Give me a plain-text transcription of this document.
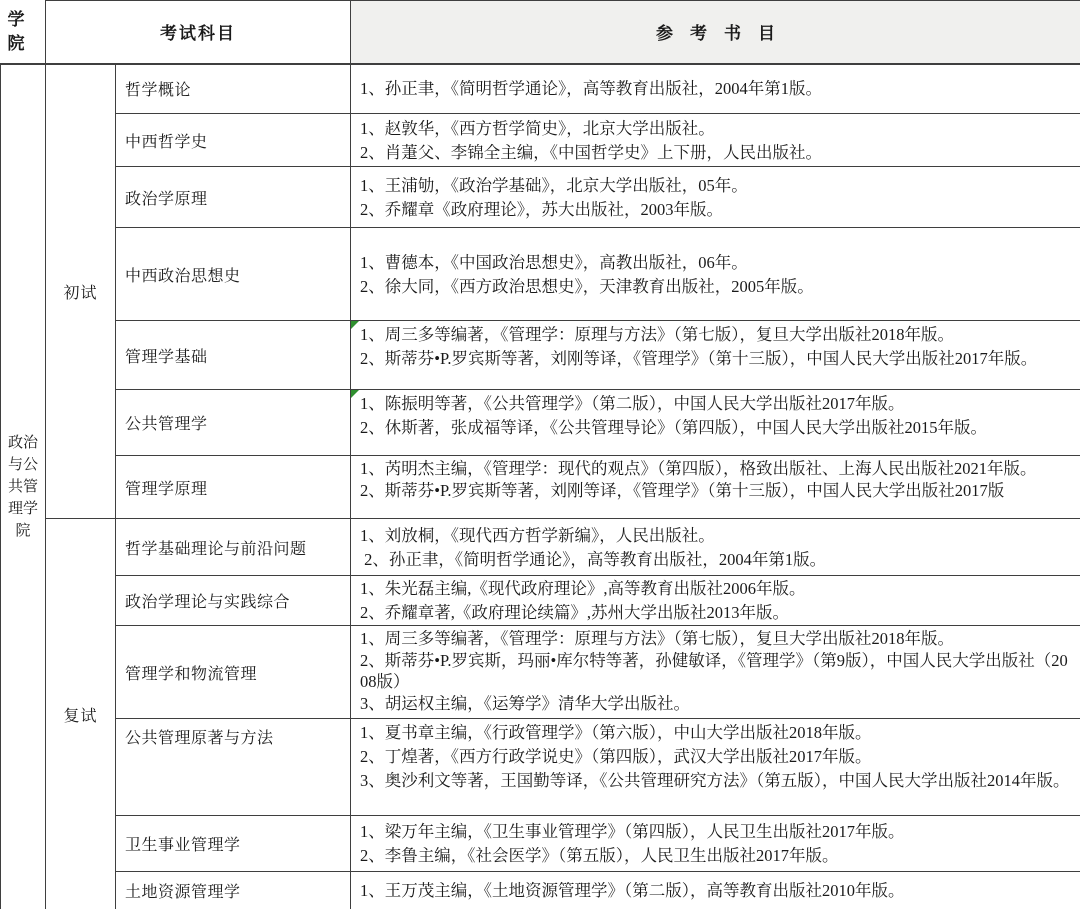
学院	考试科目		参　考　书　目
政治与公共管理学院	初试	哲学概论	1、孙正聿，《简明哲学通论》，高等教育出版社，2004年第1版。

		中西哲学史	1、赵敦华，《西方哲学简史》，北京大学出版社。
2、肖萐父、李锦全主编，《中国哲学史》上下册，人民出版社。

		政治学原理	1、王浦劬，《政治学基础》，北京大学出版社，05年。
2、乔耀章《政府理论》，苏大出版社，2003年版。

		中西政治思想史	1、曹德本，《中国政治思想史》，高教出版社，06年。
2、徐大同，《西方政治思想史》，天津教育出版社，2005年版。

		管理学基础	1、周三多等编著，《管理学：原理与方法》（第七版），复旦大学出版社2018年版。
2、斯蒂芬•P.罗宾斯等著，刘刚等译，《管理学》（第十三版），中国人民大学出版社2017年版。

		公共管理学	1、陈振明等著，《公共管理学》（第二版），中国人民大学出版社2017年版。
2、休斯著，张成福等译，《公共管理导论》（第四版），中国人民大学出版社2015年版。

		管理学原理	1、芮明杰主编，《管理学：现代的观点》（第四版），格致出版社、上海人民出版社2021年版。
2、斯蒂芬•P.罗宾斯等著，刘刚等译，《管理学》（第十三版），中国人民大学出版社2017版

	复试	哲学基础理论与前沿问题	1、刘放桐，《现代西方哲学新编》，人民出版社。
2、孙正聿，《简明哲学通论》，高等教育出版社，2004年第1版。

		政治学理论与实践综合	1、朱光磊主编,《现代政府理论》,高等教育出版社2006年版。
2、乔耀章著,《政府理论续篇》,苏州大学出版社2013年版。

		管理学和物流管理	1、周三多等编著，《管理学：原理与方法》（第七版），复旦大学出版社2018年版。
2、斯蒂芬•P.罗宾斯，玛丽•库尔特等著，孙健敏译，《管理学》（第9版），中国人民大学出版社（2008版）
3、胡运权主编，《运筹学》清华大学出版社。

		公共管理原著与方法	1、夏书章主编，《行政管理学》（第六版），中山大学出版社2018年版。
2、丁煌著，《西方行政学说史》（第四版），武汉大学出版社2017年版。
3、奥沙利文等著，王国勤等译，《公共管理研究方法》（第五版），中国人民大学出版社2014年版。

		卫生事业管理学	1、梁万年主编，《卫生事业管理学》（第四版），人民卫生出版社2017年版。
2、李鲁主编，《社会医学》（第五版），人民卫生出版社2017年版。

		土地资源管理学	1、王万茂主编，《土地资源管理学》（第二版），高等教育出版社2010年版。
